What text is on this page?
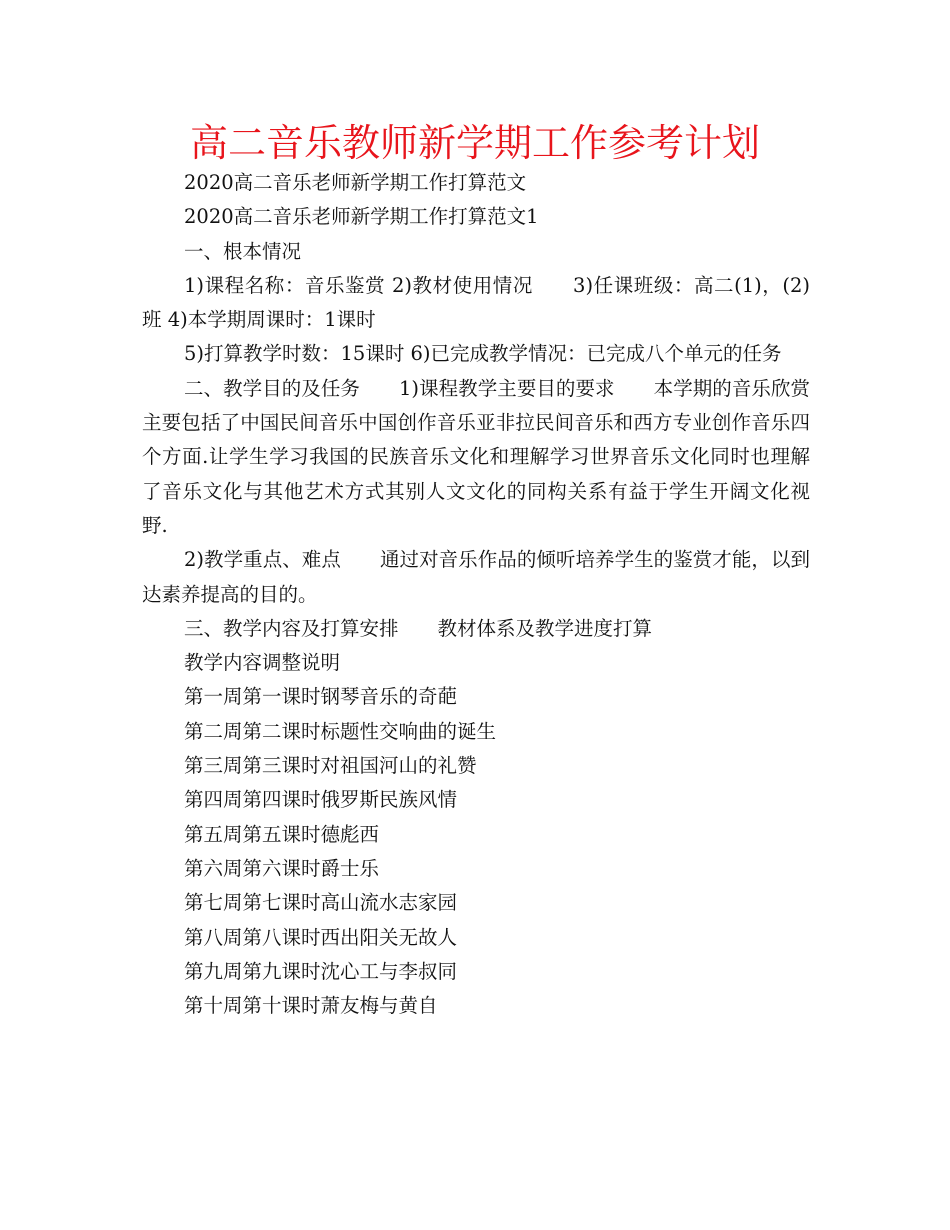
高二音乐教师新学期工作参考计划

2020高二音乐老师新学期工作打算范文

2020高二音乐老师新学期工作打算范文1

一、根本情况

1)课程名称：音乐鉴赏 2)教材使用情况　　3)任课班级：高二(1)，(2)班 4)本学期周课时：1课时

5)打算教学时数：15课时 6)已完成教学情况：已完成八个单元的任务

二、教学目的及任务　　1)课程教学主要目的要求　　本学期的音乐欣赏主要包括了中国民间音乐中国创作音乐亚非拉民间音乐和西方专业创作音乐四个方面.让学生学习我国的民族音乐文化和理解学习世界音乐文化同时也理解了音乐文化与其他艺术方式其别人文文化的同构关系有益于学生开阔文化视野.

2)教学重点、难点　　通过对音乐作品的倾听培养学生的鉴赏才能，以到达素养提高的目的。

三、教学内容及打算安排　　教材体系及教学进度打算

教学内容调整说明

第一周第一课时钢琴音乐的奇葩

第二周第二课时标题性交响曲的诞生

第三周第三课时对祖国河山的礼赞

第四周第四课时俄罗斯民族风情

第五周第五课时德彪西

第六周第六课时爵士乐

第七周第七课时高山流水志家园

第八周第八课时西出阳关无故人

第九周第九课时沈心工与李叔同

第十周第十课时萧友梅与黄自
